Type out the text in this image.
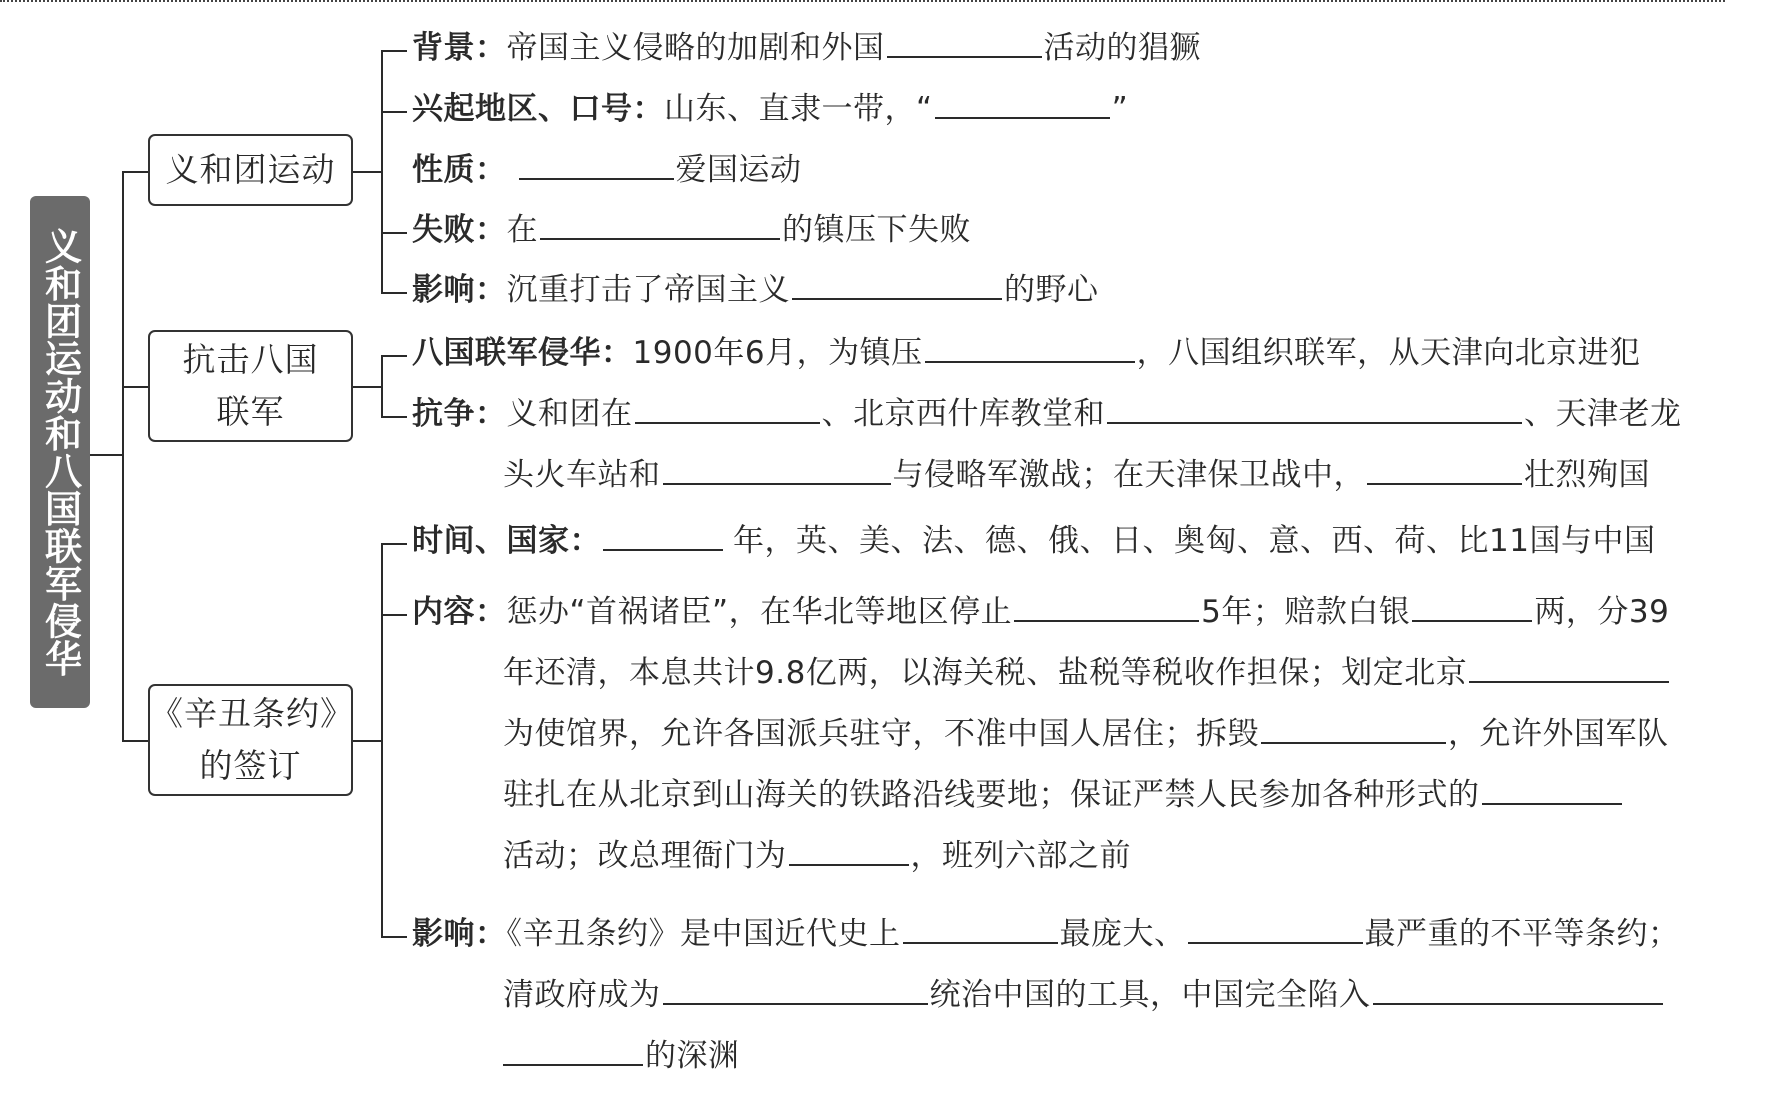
义和团运动和八国联军侵华
义和团运动
抗击八国
联军
《辛丑条约》
的签订
背景：帝国主义侵略的加剧和外国	活动的猖獗
兴起地区、口号：山东、直隶一带，“	”
性质：	爱国运动
失败：在	的镇压下失败
影响：沉重打击了帝国主义	的野心
八国联军侵华：1900年6月，为镇压	，八国组织联军，从天津向北京进犯
抗争：义和团在	、北京西什库教堂和	、天津老龙
头火车站和	与侵略军激战；在天津保卫战中，	壮烈殉国
时间、国家：	年，英、美、法、德、俄、日、奥匈、意、西、荷、比11国与中国
内容：惩办“首祸诸臣”，在华北等地区停止	5年；赔款白银	两，分39
年还清，本息共计9.8亿两，以海关税、盐税等税收作担保；划定北京
为使馆界，允许各国派兵驻守，不准中国人居住；拆毁	，允许外国军队
驻扎在从北京到山海关的铁路沿线要地；保证严禁人民参加各种形式的
活动；改总理衙门为	，班列六部之前
影响：《辛丑条约》是中国近代史上	最庞大、	最严重的不平等条约；
清政府成为	统治中国的工具，中国完全陷入
的深渊
